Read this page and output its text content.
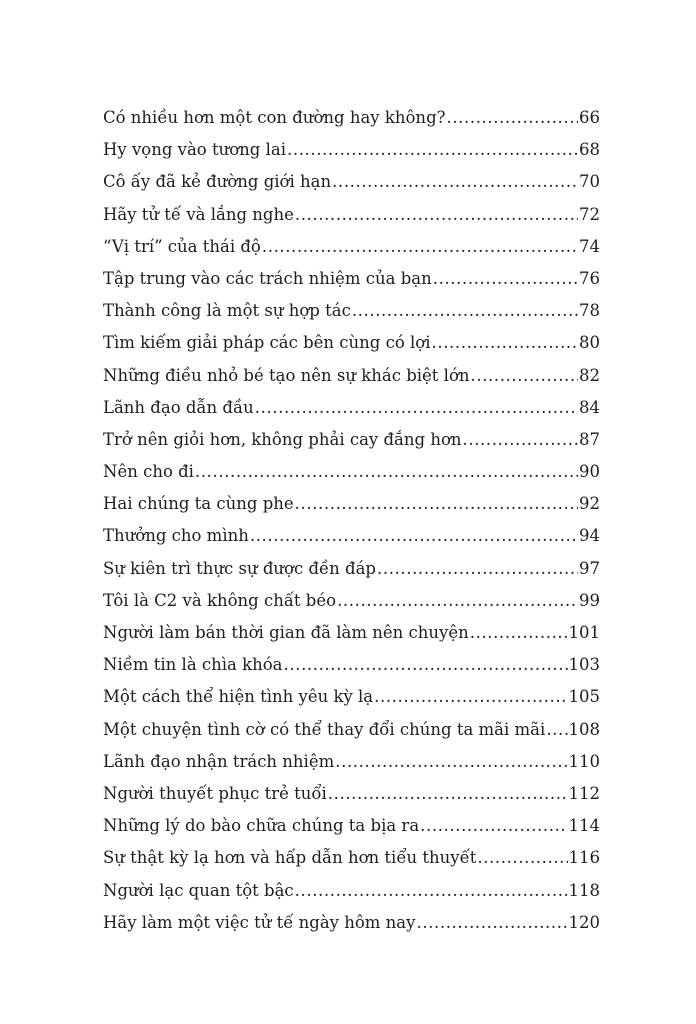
Có nhiều hơn một con đường hay không? .....	66
Hy vọng vào tương lai .....	68
Cô ấy đã kẻ đường giới hạn .....	70
Hãy tử tế và lắng nghe .....	72
“Vị trí” của thái độ .....	74
Tập trung vào các trách nhiệm của bạn .....	76
Thành công là một sự hợp tác .....	78
Tìm kiếm giải pháp các bên cùng có lợi .....	80
Những điều nhỏ bé tạo nên sự khác biệt lớn .....	82
Lãnh đạo dẫn đầu .....	84
Trở nên giỏi hơn, không phải cay đắng hơn .....	87
Nên cho đi .....	90
Hai chúng ta cùng phe .....	92
Thưởng cho mình .....	94
Sự kiên trì thực sự được đền đáp .....	97
Tôi là C2 và không chất béo .....	99
Người làm bán thời gian đã làm nên chuyện .....	101
Niềm tin là chìa khóa .....	103
Một cách thể hiện tình yêu kỳ lạ .....	105
Một chuyện tình cờ có thể thay đổi chúng ta mãi mãi ..... 108
Lãnh đạo nhận trách nhiệm .....	110
Người thuyết phục trẻ tuổi .....	112
Những lý do bào chữa chúng ta bịa ra .....	114
Sự thật kỳ lạ hơn và hấp dẫn hơn tiểu thuyết .....	116
Người lạc quan tột bậc .....	118
Hãy làm một việc tử tế ngày hôm nay .....	120
